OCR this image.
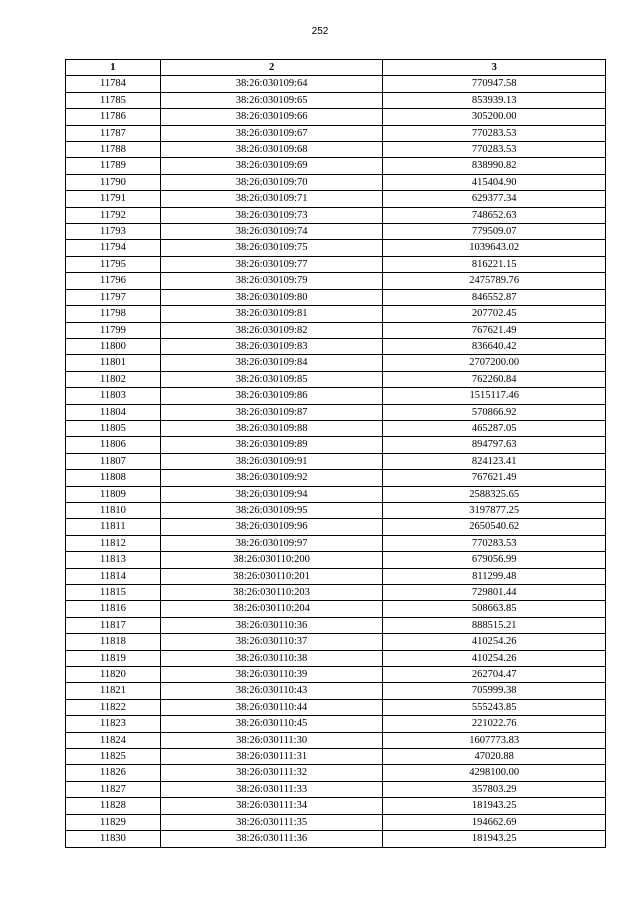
252
1	2	3
11784	38:26:030109:64	770947.58
11785	38:26:030109:65	853939.13
11786	38:26:030109:66	305200.00
11787	38:26:030109:67	770283.53
11788	38:26:030109:68	770283.53
11789	38:26:030109:69	838990.82
11790	38:26:030109:70	415404.90
11791	38:26:030109:71	629377.34
11792	38:26:030109:73	748652.63
11793	38:26:030109:74	779509.07
11794	38:26:030109:75	1039643.02
11795	38:26:030109:77	816221.15
11796	38:26:030109:79	2475789.76
11797	38:26:030109:80	846552.87
11798	38:26:030109:81	207702.45
11799	38:26:030109:82	767621.49
11800	38:26:030109:83	836640.42
11801	38:26:030109:84	2707200.00
11802	38:26:030109:85	762260.84
11803	38:26:030109:86	1515117.46
11804	38:26:030109:87	570866.92
11805	38:26:030109:88	465287.05
11806	38:26:030109:89	894797.63
11807	38:26:030109:91	824123.41
11808	38:26:030109:92	767621.49
11809	38:26:030109:94	2588325.65
11810	38:26:030109:95	3197877.25
11811	38:26:030109:96	2650540.62
11812	38:26:030109:97	770283.53
11813	38:26:030110:200	679056.99
11814	38:26:030110:201	811299.48
11815	38:26:030110:203	729801.44
11816	38:26:030110:204	508663.85
11817	38:26:030110:36	888515.21
11818	38:26:030110:37	410254.26
11819	38:26:030110:38	410254.26
11820	38:26:030110:39	262704.47
11821	38:26:030110:43	705999.38
11822	38:26:030110:44	555243.85
11823	38:26:030110:45	221022.76
11824	38:26:030111:30	1607773.83
11825	38:26:030111:31	47020.88
11826	38:26:030111:32	4298100.00
11827	38:26:030111:33	357803.29
11828	38:26:030111:34	181943.25
11829	38:26:030111:35	194662.69
11830	38:26:030111:36	181943.25
